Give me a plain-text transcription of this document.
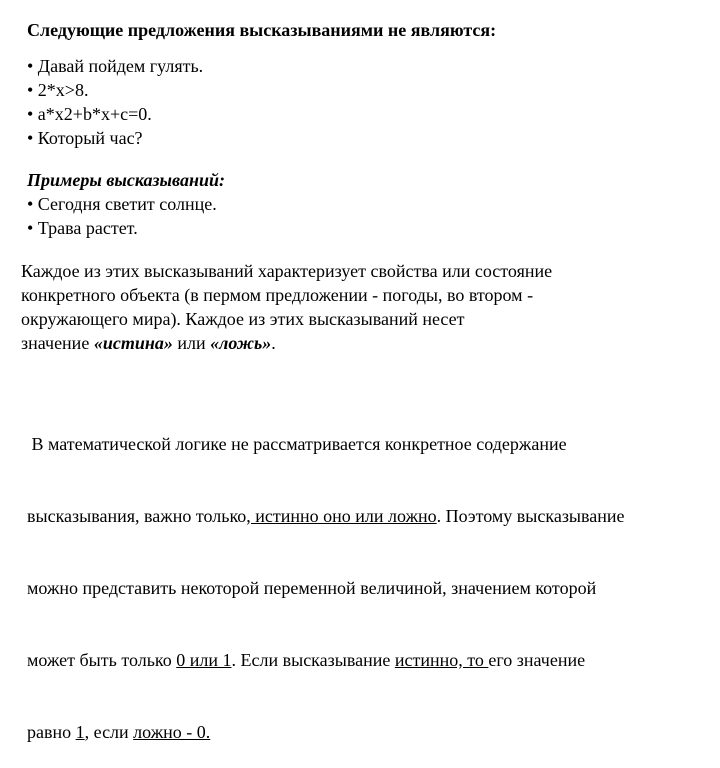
Следующие предложения высказываниями не являются:
• Давай пойдем гулять.
• 2*x>8.
• a*x2+b*x+c=0.
• Который час?
Примеры высказываний:
• Сегодня светит солнце.
• Трава растет.
Каждое из этих высказываний характеризует свойства или состояние
конкретного объекта (в пермом предложении - погоды, во втором -
окружающего мира). Каждое из этих высказываний несет
значение «истина» или «ложь».

В математической логике не рассматривается конкретное содержание

высказывания, важно только, истинно оно или ложно. Поэтому высказывание

можно представить некоторой переменной величиной, значением которой

может быть только 0 или 1. Если высказывание истинно, то его значение

равно 1, если ложно - 0.
